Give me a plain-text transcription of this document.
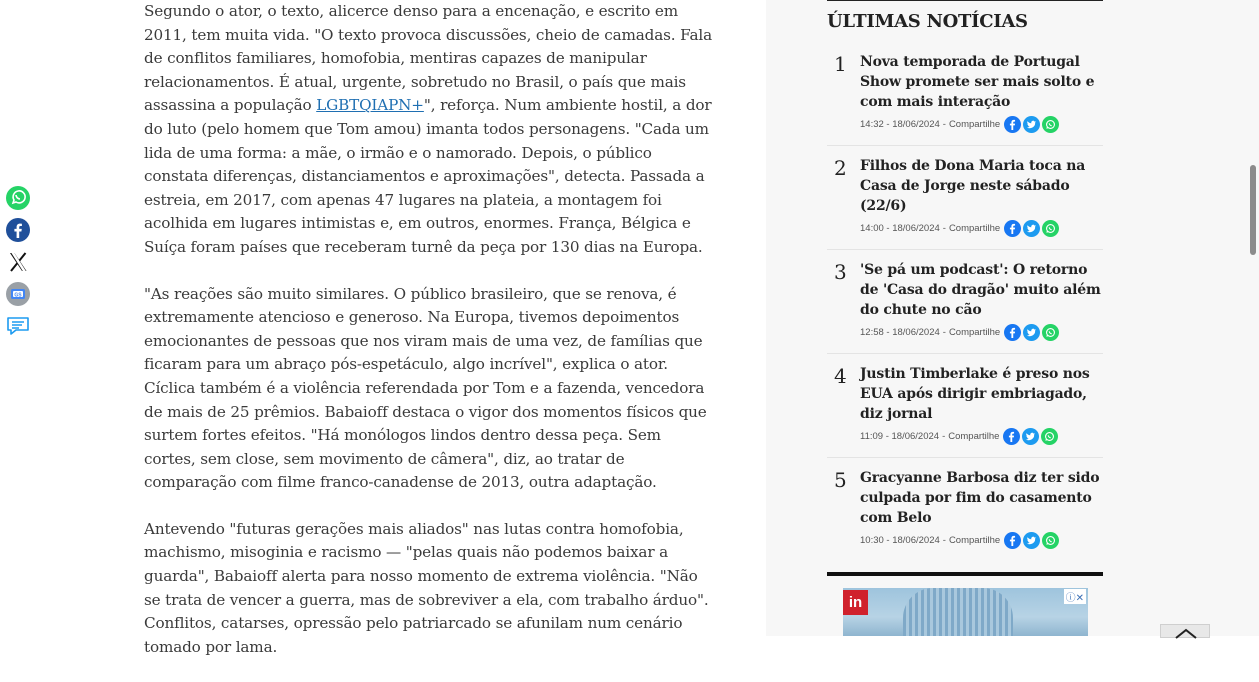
GS

Segundo o ator, o texto, alicerce denso para a encenação, e escrito em 2011, tem muita vida. "O texto provoca discussões, cheio de camadas. Fala de conflitos familiares, homofobia, mentiras capazes de manipular relacionamentos. É atual, urgente, sobretudo no Brasil, o país que mais assassina a população LGBTQIAPN+", reforça. Num ambiente hostil, a dor do luto (pelo homem que Tom amou) imanta todos personagens. "Cada um lida de uma forma: a mãe, o irmão e o namorado. Depois, o público constata diferenças, distanciamentos e aproximações", detecta. Passada a estreia, em 2017, com apenas 47 lugares na plateia, a montagem foi acolhida em lugares intimistas e, em outros, enormes. França, Bélgica e Suíça foram países que receberam turnê da peça por 130 dias na Europa.

"As reações são muito similares. O público brasileiro, que se renova, é extremamente atencioso e generoso. Na Europa, tivemos depoimentos emocionantes de pessoas que nos viram mais de uma vez, de famílias que ficaram para um abraço pós-espetáculo, algo incrível", explica o ator. Cíclica também é a violência referendada por Tom e a fazenda, vencedora de mais de 25 prêmios. Babaioff destaca o vigor dos momentos físicos que surtem fortes efeitos. "Há monólogos lindos dentro dessa peça. Sem cortes, sem close, sem movimento de câmera", diz, ao tratar de comparação com filme franco-canadense de 2013, outra adaptação.

Antevendo "futuras gerações mais aliados" nas lutas contra homofobia, machismo, misoginia e racismo — "pelas quais não podemos baixar a guarda", Babaioff alerta para nosso momento de extrema violência. "Não se trata de vencer a guerra, mas de sobreviver a ela, com trabalho árduo". Conflitos, catarses, opressão pelo patriarcado se afunilam num cenário tomado por lama.

ÚLTIMAS NOTÍCIAS
1 Nova temporada de Portugal Show promete ser mais solto e com mais interação
14:32 - 18/06/2024 - Compartilhe
2 Filhos de Dona Maria toca na Casa de Jorge neste sábado (22/6)
14:00 - 18/06/2024 - Compartilhe
3 'Se pá um podcast': O retorno de 'Casa do dragão' muito além do chute no cão
12:58 - 18/06/2024 - Compartilhe
4 Justin Timberlake é preso nos EUA após dirigir embriagado, diz jornal
11:09 - 18/06/2024 - Compartilhe
5 Gracyanne Barbosa diz ter sido culpada por fim do casamento com Belo
10:30 - 18/06/2024 - Compartilhe
in	ⓘ✕
